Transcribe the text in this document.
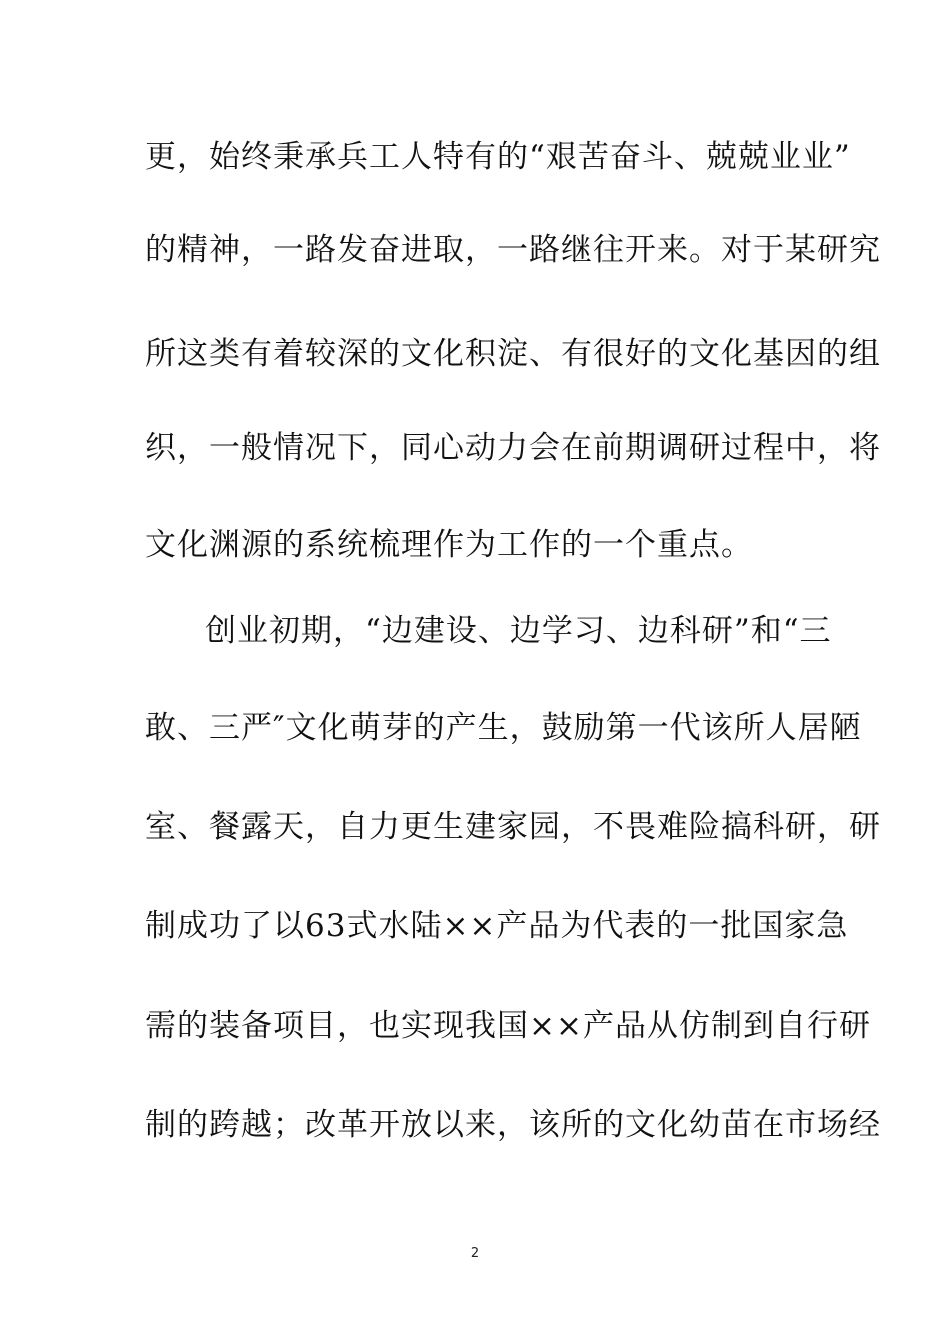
更，始终秉承兵工人特有的“艰苦奋斗、兢兢业业”
的精神，一路发奋进取，一路继往开来。对于某研究
所这类有着较深的文化积淀、有很好的文化基因的组
织，一般情况下，同心动力会在前期调研过程中，将
文化渊源的系统梳理作为工作的一个重点。
创业初期，“边建设、边学习、边科研”和“三
敢、三严″文化萌芽的产生，鼓励第一代该所人居陋
室、餐露天，自力更生建家园，不畏难险搞科研，研
制成功了以63式水陆××产品为代表的一批国家急
需的装备项目，也实现我国××产品从仿制到自行研
制的跨越；改革开放以来，该所的文化幼苗在市场经
2
